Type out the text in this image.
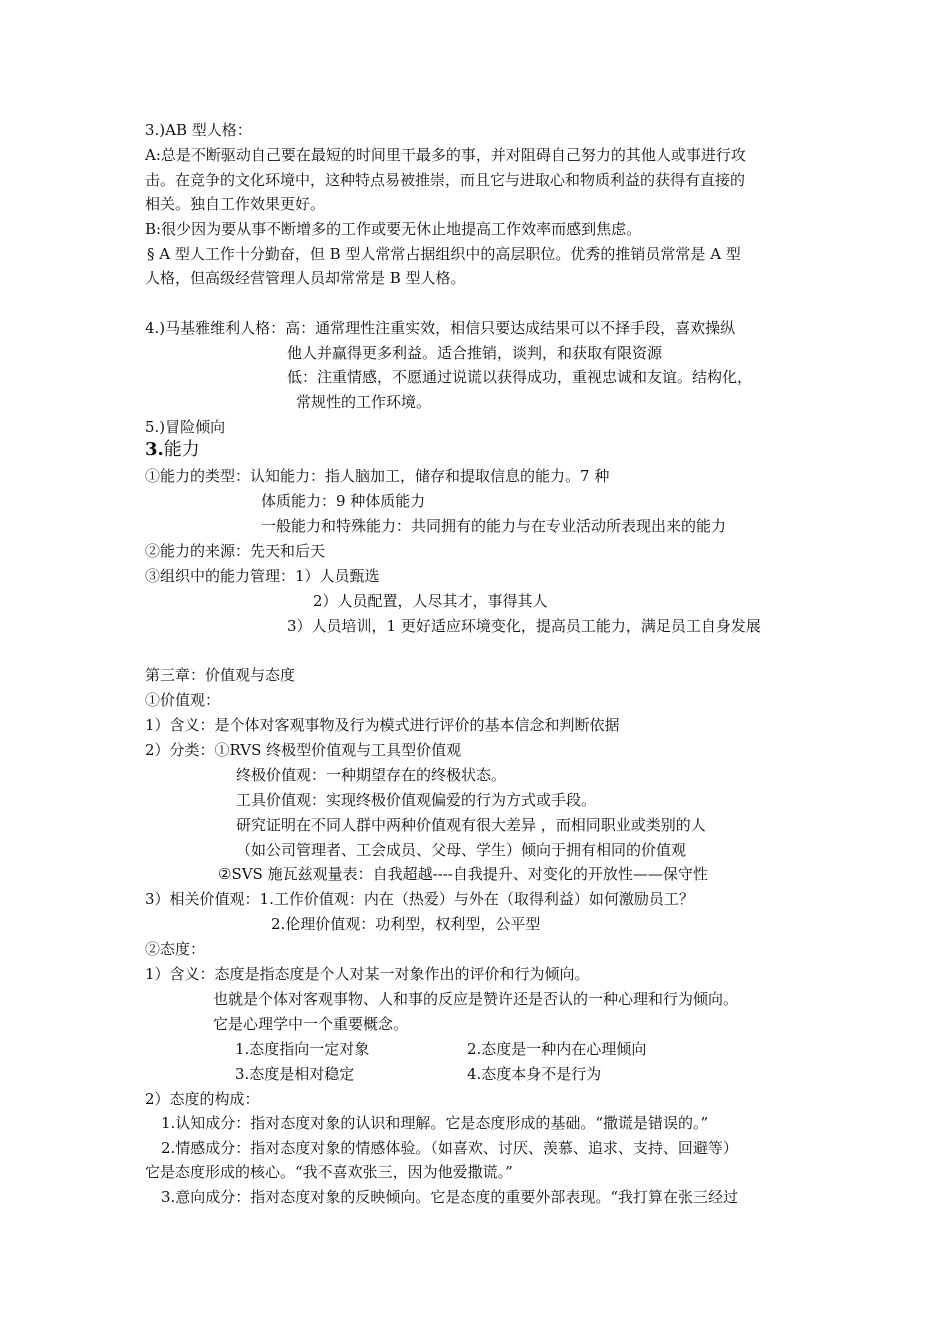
3.)AB 型人格：
A:总是不断驱动自己要在最短的时间里干最多的事，并对阻碍自己努力的其他人或事进行攻
击。在竞争的文化环境中，这种特点易被推崇，而且它与进取心和物质利益的获得有直接的
相关。独自工作效果更好。
B:很少因为要从事不断增多的工作或要无休止地提高工作效率而感到焦虑。
§ A 型人工作十分勤奋，但 B 型人常常占据组织中的高层职位。优秀的推销员常常是 A 型
人格，但高级经营管理人员却常常是 B 型人格。
4.)马基雅维利人格：高：通常理性注重实效，相信只要达成结果可以不择手段，喜欢操纵
他人并赢得更多利益。适合推销，谈判，和获取有限资源
低：注重情感，不愿通过说谎以获得成功，重视忠诚和友谊。结构化，
常规性的工作环境。
5.)冒险倾向
3.能力
①能力的类型：认知能力：指人脑加工，储存和提取信息的能力。7 种
体质能力：9 种体质能力
一般能力和特殊能力：共同拥有的能力与在专业活动所表现出来的能力
②能力的来源：先天和后天
③组织中的能力管理：1）人员甄选
2）人员配置，人尽其才，事得其人
3）人员培训，1 更好适应环境变化，提高员工能力，满足员工自身发展
第三章：价值观与态度
①价值观：
1）含义：是个体对客观事物及行为模式进行评价的基本信念和判断依据
2）分类：①RVS 终极型价值观与工具型价值观
终极价值观：一种期望存在的终极状态。
工具价值观：实现终极价值观偏爱的行为方式或手段。
研究证明在不同人群中两种价值观有很大差异 ，而相同职业或类别的人
（如公司管理者、工会成员、父母、学生）倾向于拥有相同的价值观
②SVS 施瓦兹观量表：自我超越----自我提升、对变化的开放性——保守性
3）相关价值观：1.工作价值观：内在（热爱）与外在（取得利益）如何激励员工？
2.伦理价值观：功利型，权利型，公平型
②态度：
1）含义：态度是指态度是个人对某一对象作出的评价和行为倾向。
也就是个体对客观事物、人和事的反应是赞许还是否认的一种心理和行为倾向。
它是心理学中一个重要概念。
1.态度指向一定对象	2.态度是一种内在心理倾向
3.态度是相对稳定	4.态度本身不是行为
2）态度的构成：
1.认知成分：指对态度对象的认识和理解。它是态度形成的基础。“撒谎是错误的。”
2.情感成分：指对态度对象的情感体验。（如喜欢、讨厌、羡慕、追求、支持、回避等）
它是态度形成的核心。“我不喜欢张三，因为他爱撒谎。”
3.意向成分：指对态度对象的反映倾向。它是态度的重要外部表现。“我打算在张三经过
